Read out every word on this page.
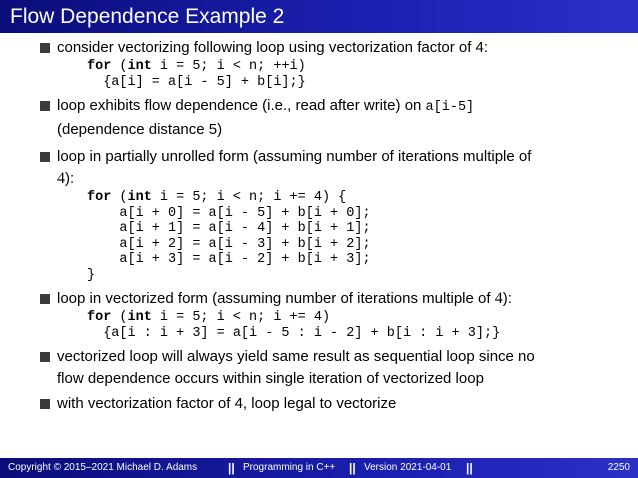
Flow Dependence Example 2
consider vectorizing following loop using vectorization factor of 4:
for (int i = 5; i < n; ++i)
{a[i] = a[i - 5] + b[i];}
loop exhibits flow dependence (i.e., read after write) on a[i-5]
(dependence distance 5)
loop in partially unrolled form (assuming number of iterations multiple of
4):
for (int i = 5; i < n; i += 4) {
a[i + 0] = a[i - 5] + b[i + 0];
a[i + 1] = a[i - 4] + b[i + 1];
a[i + 2] = a[i - 3] + b[i + 2];
a[i + 3] = a[i - 2] + b[i + 3];
}
loop in vectorized form (assuming number of iterations multiple of 4):
for (int i = 5; i < n; i += 4)
{a[i : i + 3] = a[i - 5 : i - 2] + b[i : i + 3];}
vectorized loop will always yield same result as sequential loop since no
flow dependence occurs within single iteration of vectorized loop
with vectorization factor of 4, loop legal to vectorize
Copyright © 2015–2021 Michael D. Adams	|| Programming in C++ || Version 2021-04-01 ||	2250
